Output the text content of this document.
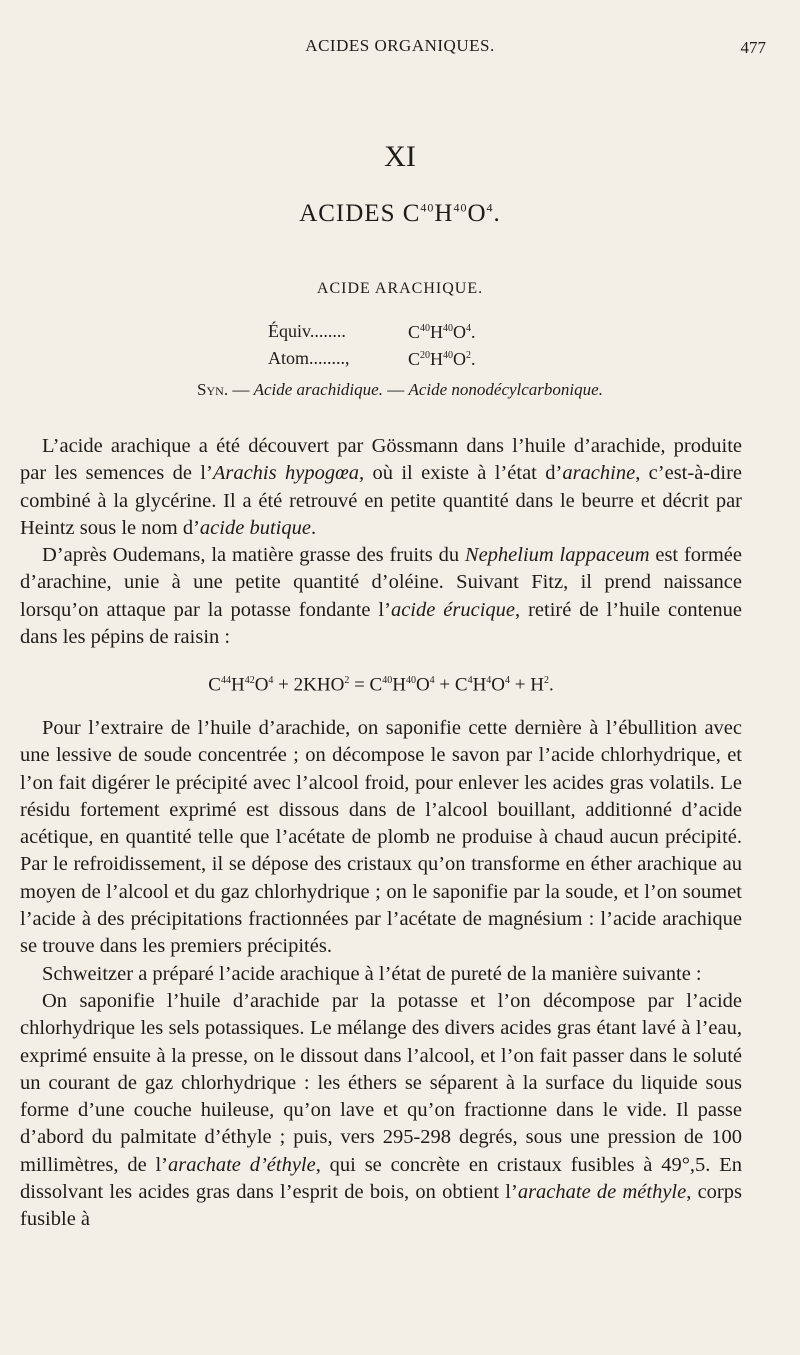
ACIDES ORGANIQUES.	477
XI
ACIDES $C^{40}H^{40}O^4$.
ACIDE ARACHIQUE.
Équiv........	$C^{40}H^{40}O^4$.
Atom........,	$C^{20}H^{40}O^2$.
Syn. — Acide arachidique. — Acide nonodécylcarbonique.

L’acide arachique a été découvert par Gössmann dans l’huile d’arachide, produite par les semences de l’Arachis hypogœa, où il existe à l’état d’arachine, c’est-à-dire combiné à la glycérine. Il a été retrouvé en petite quantité dans le beurre et décrit par Heintz sous le nom d’acide butique.

D’après Oudemans, la matière grasse des fruits du Nephelium lappaceum est formée d’arachine, unie à une petite quantité d’oléine. Suivant Fitz, il prend naissance lorsqu’on attaque par la potasse fondante l’acide érucique, retiré de l’huile contenue dans les pépins de raisin :

$C^{44}H^{42}O^4 + 2KHO^2 = C^{40}H^{40}O^4 + C^4H^4O^4 + H^2$.

Pour l’extraire de l’huile d’arachide, on saponifie cette dernière à l’ébullition avec une lessive de soude concentrée ; on décompose le savon par l’acide chlorhydrique, et l’on fait digérer le précipité avec l’alcool froid, pour enlever les acides gras volatils. Le résidu fortement exprimé est dissous dans de l’alcool bouillant, additionné d’acide acétique, en quantité telle que l’acétate de plomb ne produise à chaud aucun précipité. Par le refroidissement, il se dépose des cristaux qu’on transforme en éther arachique au moyen de l’alcool et du gaz chlorhydrique ; on le saponifie par la soude, et l’on soumet l’acide à des précipitations fractionnées par l’acétate de magnésium : l’acide arachique se trouve dans les premiers précipités.

Schweitzer a préparé l’acide arachique à l’état de pureté de la manière suivante :

On saponifie l’huile d’arachide par la potasse et l’on décompose par l’acide chlorhydrique les sels potassiques. Le mélange des divers acides gras étant lavé à l’eau, exprimé ensuite à la presse, on le dissout dans l’alcool, et l’on fait passer dans le soluté un courant de gaz chlorhydrique : les éthers se séparent à la surface du liquide sous forme d’une couche huileuse, qu’on lave et qu’on fractionne dans le vide. Il passe d’abord du palmitate d’éthyle ; puis, vers 295-298 degrés, sous une pression de 100 millimètres, de l’arachate d’éthyle, qui se concrète en cristaux fusibles à 49°,5. En dissolvant les acides gras dans l’esprit de bois, on obtient l’arachate de méthyle, corps fusible à
